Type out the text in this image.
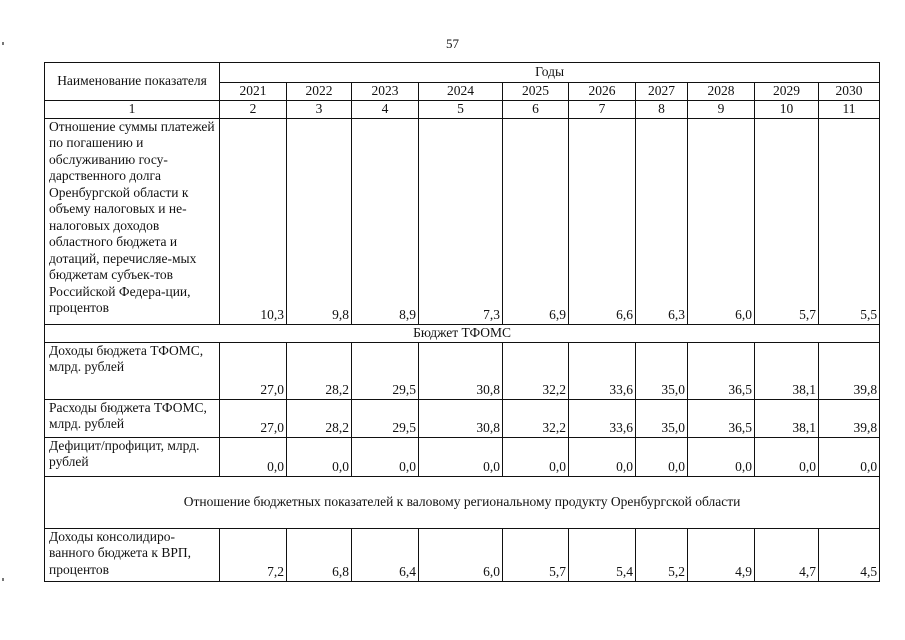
57
Наименование показателя	Годы									
	2021	2022	2023	2024	2025	2026	2027	2028	2029	2030
1	2	3	4	5	6	7	8	9	10	11
Отношение суммы платежей по погашению и обслуживанию госу-дарственного долга Оренбургской области к объему налоговых и не-налоговых доходов областного бюджета и дотаций, перечисляе-мых бюджетам субъек-тов Российской Федера-ции, процентов	10,3	9,8	8,9	7,3	6,9	6,6	6,3	6,0	5,7	5,5
Бюджет ТФОМС										
Доходы бюджета ТФОМС, млрд. рублей	27,0	28,2	29,5	30,8	32,2	33,6	35,0	36,5	38,1	39,8
Расходы бюджета ТФОМС, млрд. рублей	27,0	28,2	29,5	30,8	32,2	33,6	35,0	36,5	38,1	39,8
Дефицит/профицит, млрд. рублей	0,0	0,0	0,0	0,0	0,0	0,0	0,0	0,0	0,0	0,0
Отношение бюджетных показателей к валовому региональному продукту Оренбургской области										
Доходы консолидиро-ванного бюджета к ВРП, процентов	7,2	6,8	6,4	6,0	5,7	5,4	5,2	4,9	4,7	4,5
